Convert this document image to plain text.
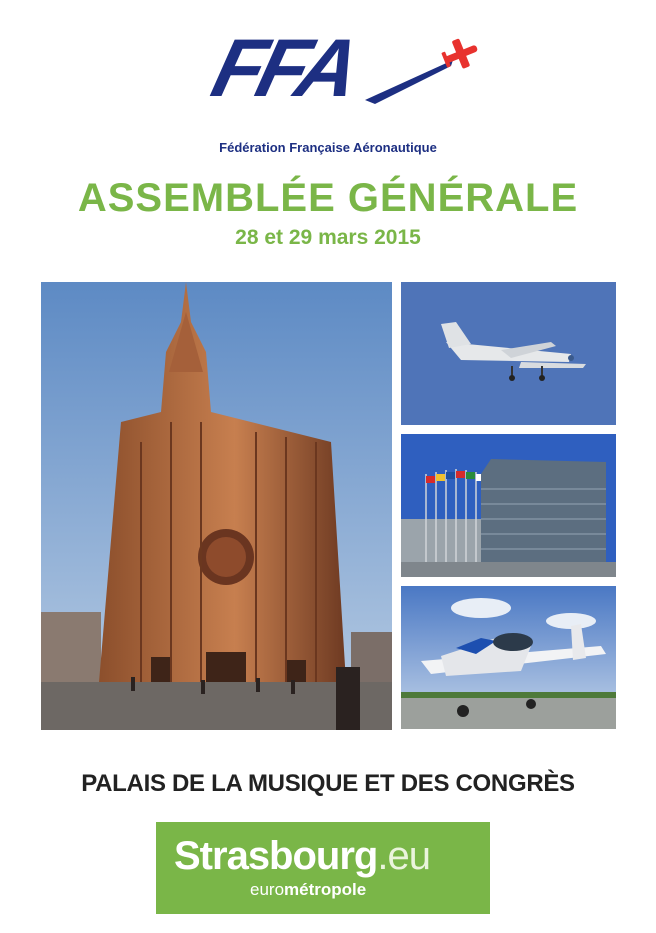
FFA
Fédération Française Aéronautique
ASSEMBLÉE GÉNÉRALE
28 et 29 mars 2015
PALAIS DE LA MUSIQUE ET DES CONGRÈS
Strasbourg.eu
eurométropole
